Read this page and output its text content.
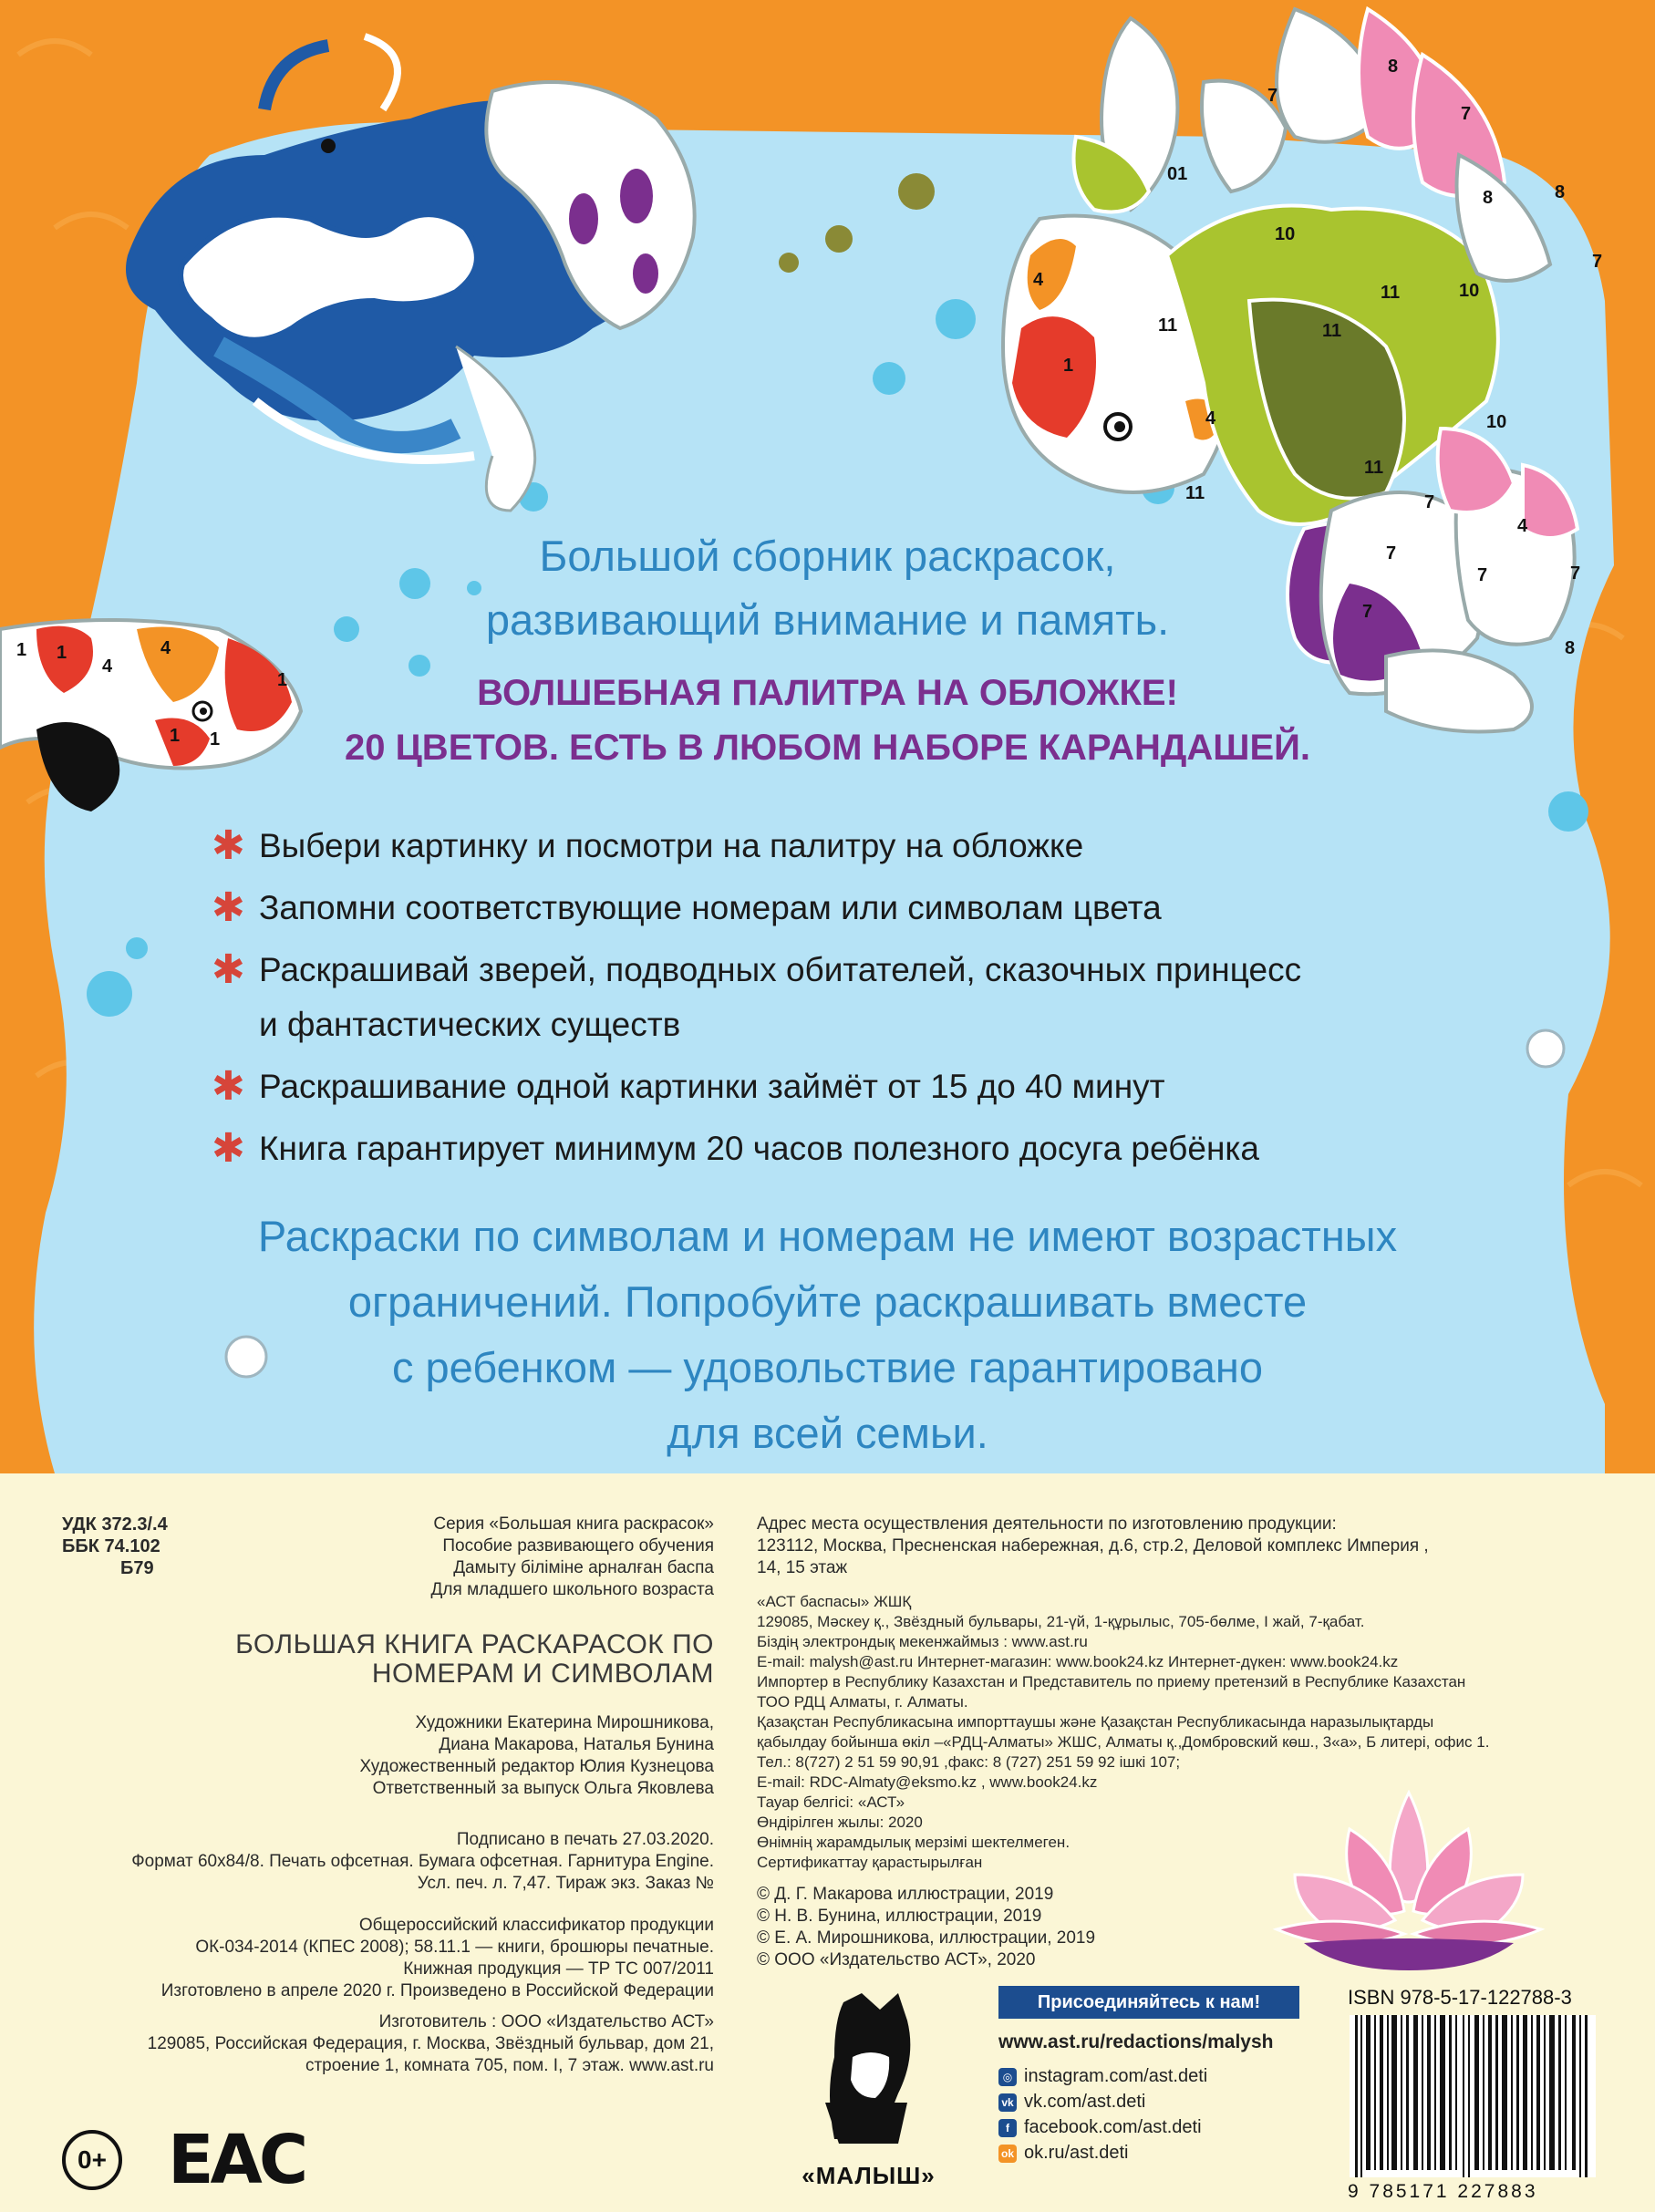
1 1
4
4
1
1 1
4
1
4
8
7
7
01
8
7
8
10
11
11	10
11
11
10
11
7
7
4
7	7
7
8
Большой сборник раскрасок,
развивающий внимание и память.
ВОЛШЕБНАЯ ПАЛИТРА НА ОБЛОЖКЕ!
20 ЦВЕТОВ. ЕСТЬ В ЛЮБОМ НАБОРЕ КАРАНДАШЕЙ.
✱ Выбери картинку и посмотри на палитру на обложке
✱ Запомни соответствующие номерам или символам цвета
✱ Раскрашивай зверей, подводных обитателей, сказочных принцесс
и фантастических существ
✱ Раскрашивание одной картинки займёт от 15 до 40 минут
✱ Книга гарантирует минимум 20 часов полезного досуга ребёнка
Раскраски по символам и номерам не имеют возрастных
ограничений. Попробуйте раскрашивать вместе
с ребенком — удовольствие гарантировано
для всей семьи.
УДК 372.3/.4
ББК 74.102
Б79
Серия «Большая книга раскрасок»
Пособие развивающего обучения
Дамыту біліміне арналған баспа
Для младшего школьного возраста
БОЛЬШАЯ КНИГА РАСКАРАСОК ПО
НОМЕРАМ И СИМВОЛАМ
Художники Екатерина Мирошникова,
Диана Макарова, Наталья Бунина
Художественный редактор Юлия Кузнецова
Ответственный за выпуск Ольга Яковлева
Подписано в печать 27.03.2020.
Формат 60x84/8. Печать офсетная. Бумага офсетная. Гарнитура Engine.
Усл. печ. л. 7,47. Тираж экз. Заказ №
Общероссийский классификатор продукции
ОК-034-2014 (КПЕС 2008); 58.11.1 — книги, брошюры печатные.
Книжная продукция — ТР ТС 007/2011
Изготовлено в апреле 2020 г. Произведено в Российской Федерации
Изготовитель : ООО «Издательство АСТ»
129085, Российская Федерация, г. Москва, Звёздный бульвар, дом 21,
строение 1, комната 705, пом. I, 7 этаж. www.ast.ru
0+ EAC
Адрес места осуществления деятельности по изготовлению продукции:
123112, Москва, Пресненская набережная, д.6, стр.2, Деловой комплекс Империя ,
14, 15 этаж
«АСТ баспасы» ЖШҚ
129085, Мәскеу қ., Звёздный бульвары, 21-үй, 1-құрылыс, 705-бөлме, I жай, 7-қабат.
Біздің электрондық мекенжаймыз : www.ast.ru
E-mail: malysh@ast.ru Интернет-магазин: www.book24.kz Интернет-дүкен: www.book24.kz
Импортер в Республику Казахстан и Представитель по приему претензий в Республике Казахстан
ТОО РДЦ Алматы, г. Алматы.
Қазақстан Республикасына импорттаушы және Қазақстан Республикасында наразылықтарды
қабылдау бойынша өкіл –«РДЦ-Алматы» ЖШС, Алматы қ.,Домбровский көш., 3«а», Б литері, офис 1.
Тел.: 8(727) 2 51 59 90,91 ,факс: 8 (727) 251 59 92 ішкі 107;
E-mail: RDC-Almaty@eksmo.kz , www.book24.kz
Тауар белгісі: «АСТ»
Өндірілген жылы: 2020
Өнімнің жарамдылық мерзімі шектелмеген.
Сертификаттау қарастырылған
© Д. Г. Макарова иллюстрации, 2019
© Н. В. Бунина, иллюстрации, 2019
© Е. А. Мирошникова, иллюстрации, 2019
© ООО «Издательство АСТ», 2020
«МАЛЫШ»
Присоединяйтесь к нам!
www.ast.ru/redactions/malysh
◎ instagram.com/ast.deti
vk vk.com/ast.deti
f facebook.com/ast.deti
ok ok.ru/ast.deti
ISBN 978-5-17-122788-3
9 785171 227883
